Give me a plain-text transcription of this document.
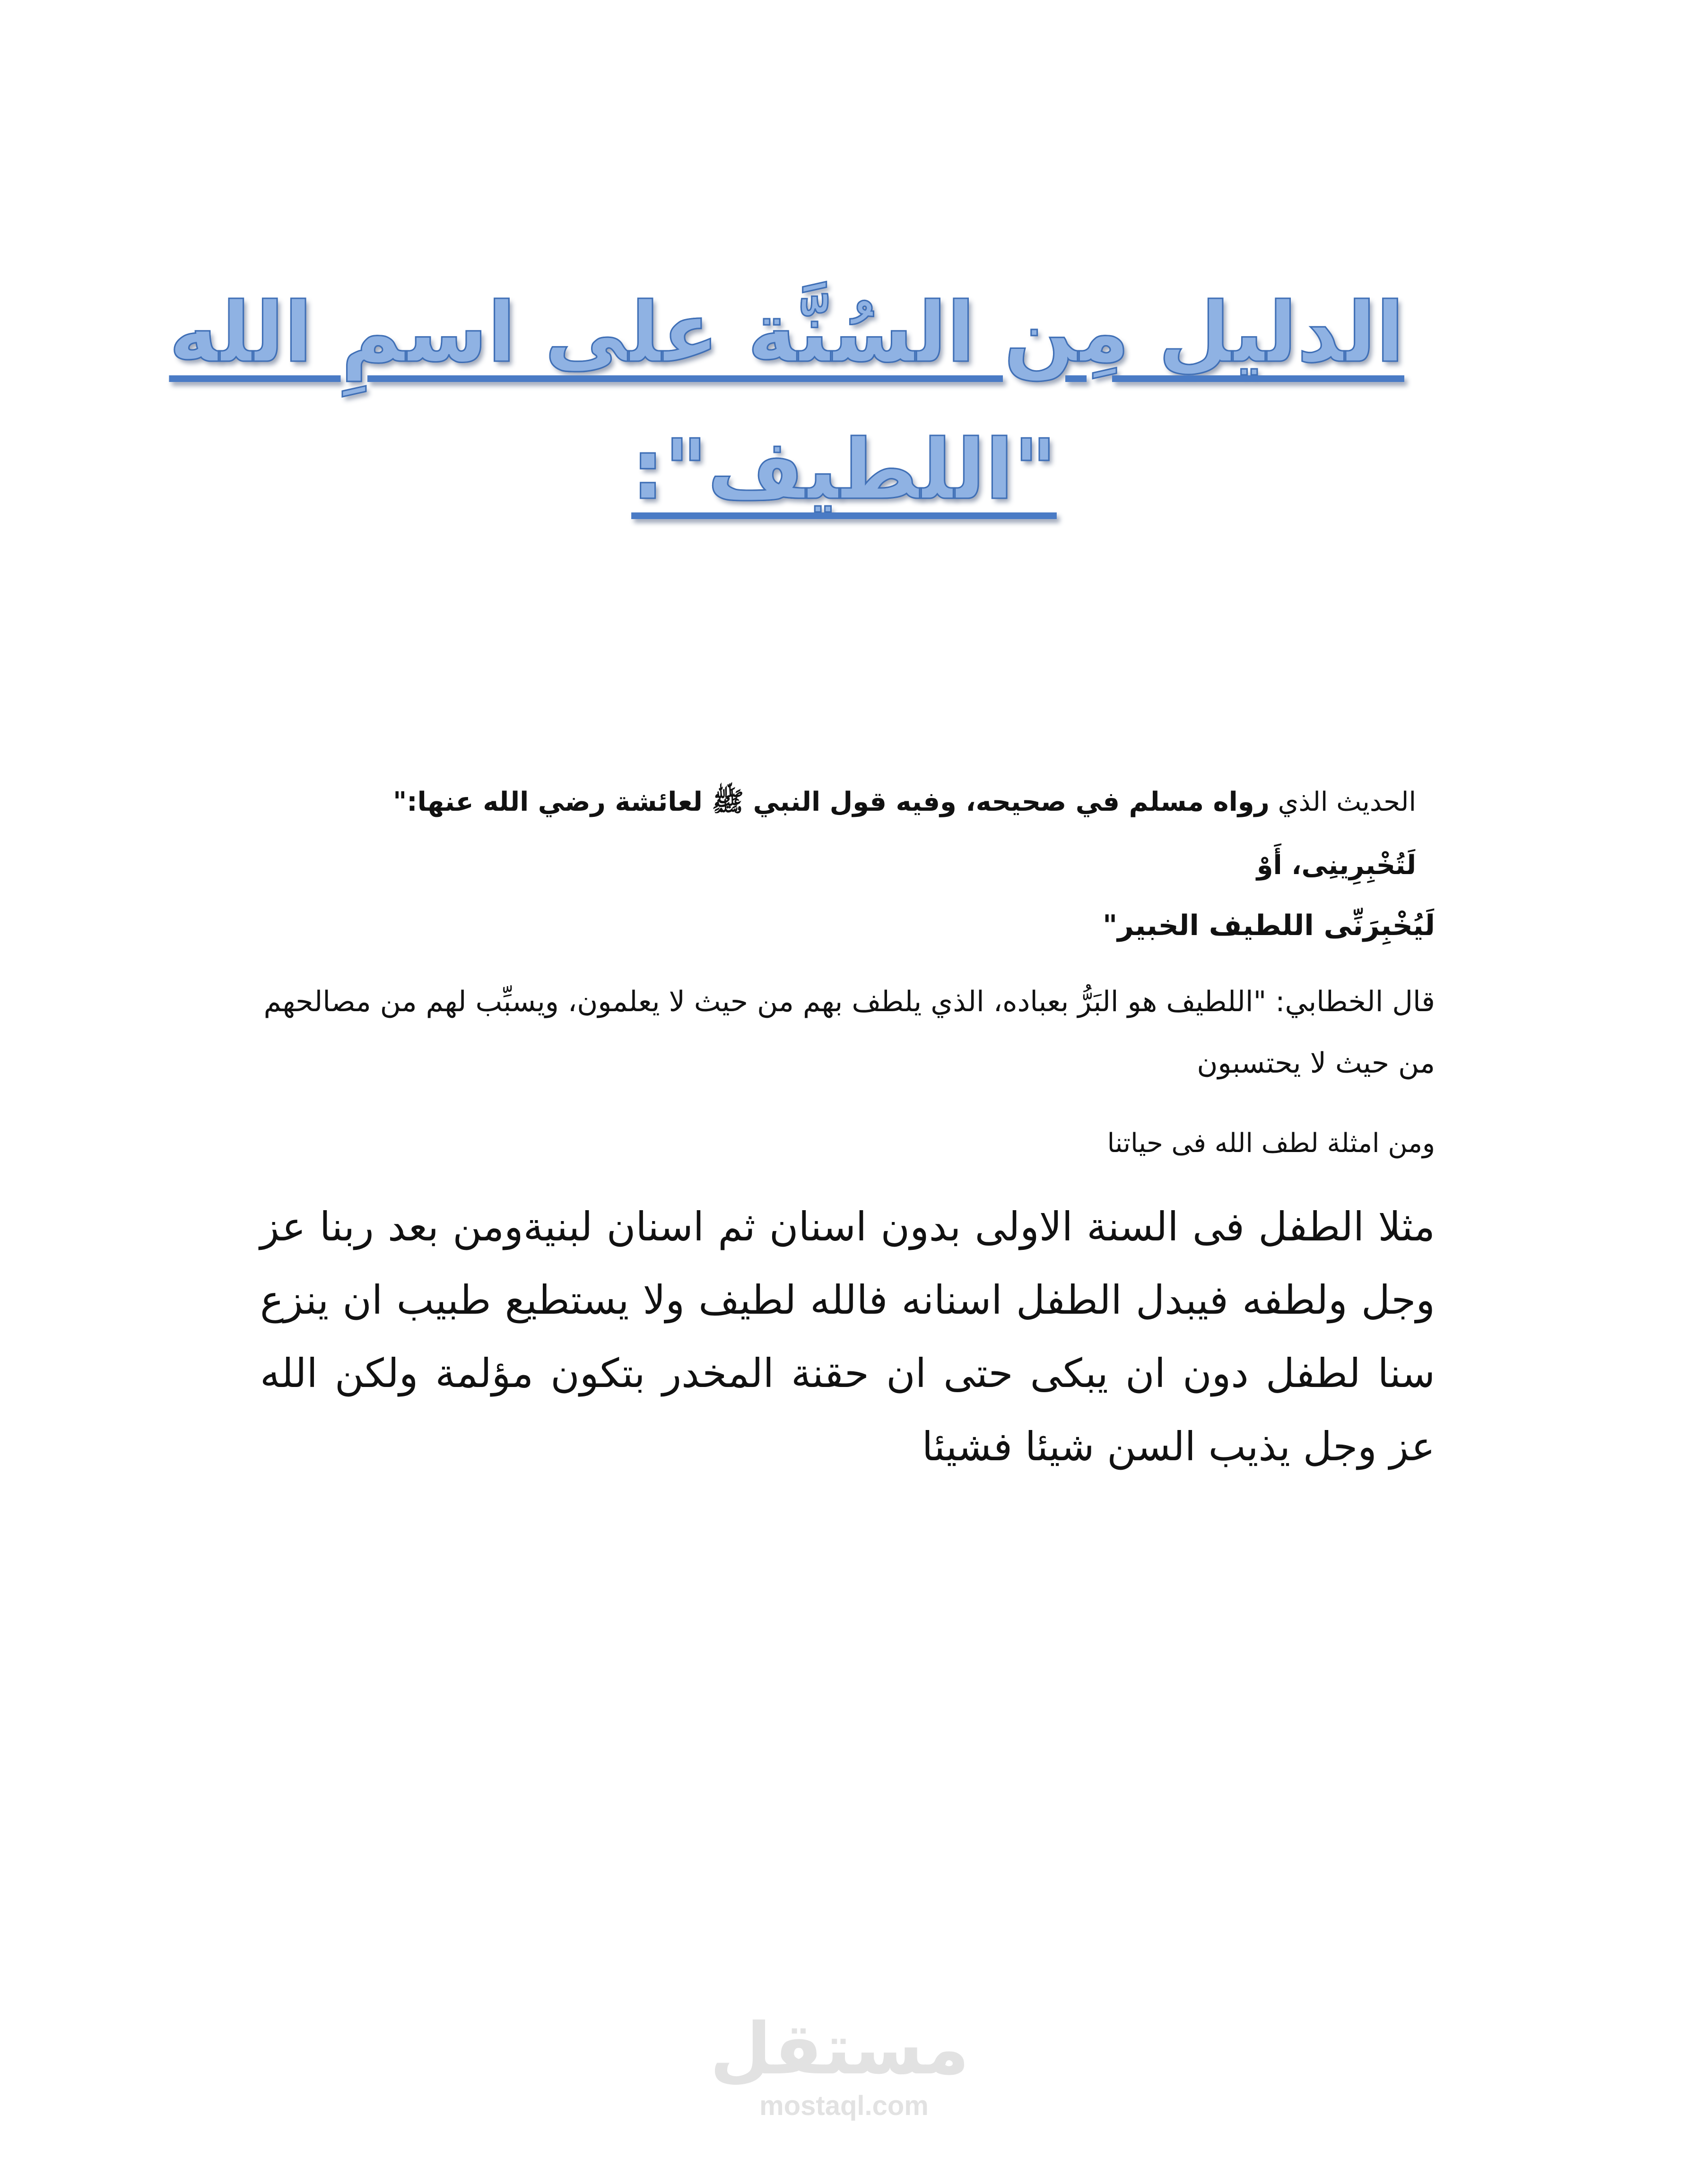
الدليل مِن السُنَّة على اسمِ الله
"اللطيف":

الحديث الذي رواه مسلم في صحيحه، وفيه قول النبي ﷺ لعائشة رضي الله عنها:" لَتُخْبِرِينِى، أَوْ

لَيُخْبِرَنِّى اللطيف الخبير"

قال الخطابي: "اللطيف هو البَرُّ بعباده، الذي يلطف بهم من حيث لا يعلمون، ويسبِّب لهم من مصالحهم من حيث لا يحتسبون

ومن امثلة لطف الله فى حياتنا

مثلا الطفل فى السنة الاولى بدون اسنان ثم اسنان لبنيةومن بعد ربنا عز وجل ولطفه فيبدل الطفل اسنانه فالله لطيف ولا يستطيع طبيب ان ينزع سنا لطفل دون ان يبكى حتى ان حقنة المخدر بتكون مؤلمة ولكن الله عز وجل يذيب السن شيئا فشيئا

مستقل
mostaql.com
